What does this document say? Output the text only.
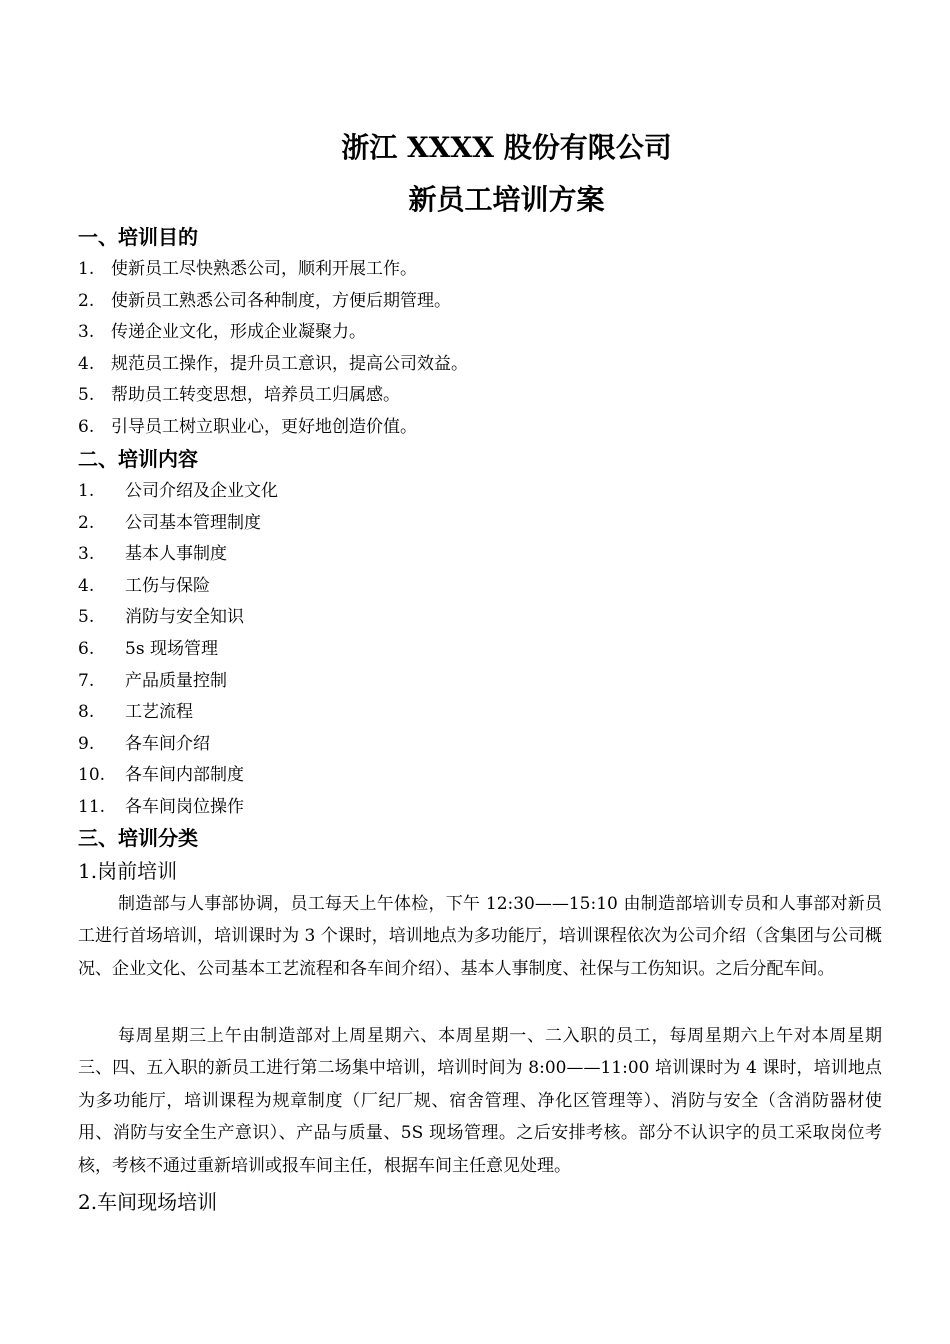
浙江 XXXX 股份有限公司
新员工培训方案
一、培训目的
1. 使新员工尽快熟悉公司，顺利开展工作。
2. 使新员工熟悉公司各种制度，方便后期管理。
3. 传递企业文化，形成企业凝聚力。
4. 规范员工操作，提升员工意识，提高公司效益。
5. 帮助员工转变思想，培养员工归属感。
6. 引导员工树立职业心，更好地创造价值。
二、培训内容
1. 公司介绍及企业文化
2. 公司基本管理制度
3. 基本人事制度
4. 工伤与保险
5. 消防与安全知识
6. 5s 现场管理
7. 产品质量控制
8. 工艺流程
9. 各车间介绍
10. 各车间内部制度
11. 各车间岗位操作
三、培训分类
1.岗前培训
制造部与人事部协调，员工每天上午体检，下午 12:30——15:10 由制造部培训专员和人事部对新员工进行首场培训，培训课时为 3 个课时，培训地点为多功能厅，培训课程依次为公司介绍（含集团与公司概况、企业文化、公司基本工艺流程和各车间介绍）、基本人事制度、社保与工伤知识。之后分配车间。
每周星期三上午由制造部对上周星期六、本周星期一、二入职的员工，每周星期六上午对本周星期三、四、五入职的新员工进行第二场集中培训，培训时间为 8:00——11:00 培训课时为 4 课时，培训地点为多功能厅，培训课程为规章制度（厂纪厂规、宿舍管理、净化区管理等）、消防与安全（含消防器材使用、消防与安全生产意识）、产品与质量、5S 现场管理。之后安排考核。部分不认识字的员工采取岗位考核，考核不通过重新培训或报车间主任，根据车间主任意见处理。
2.车间现场培训
